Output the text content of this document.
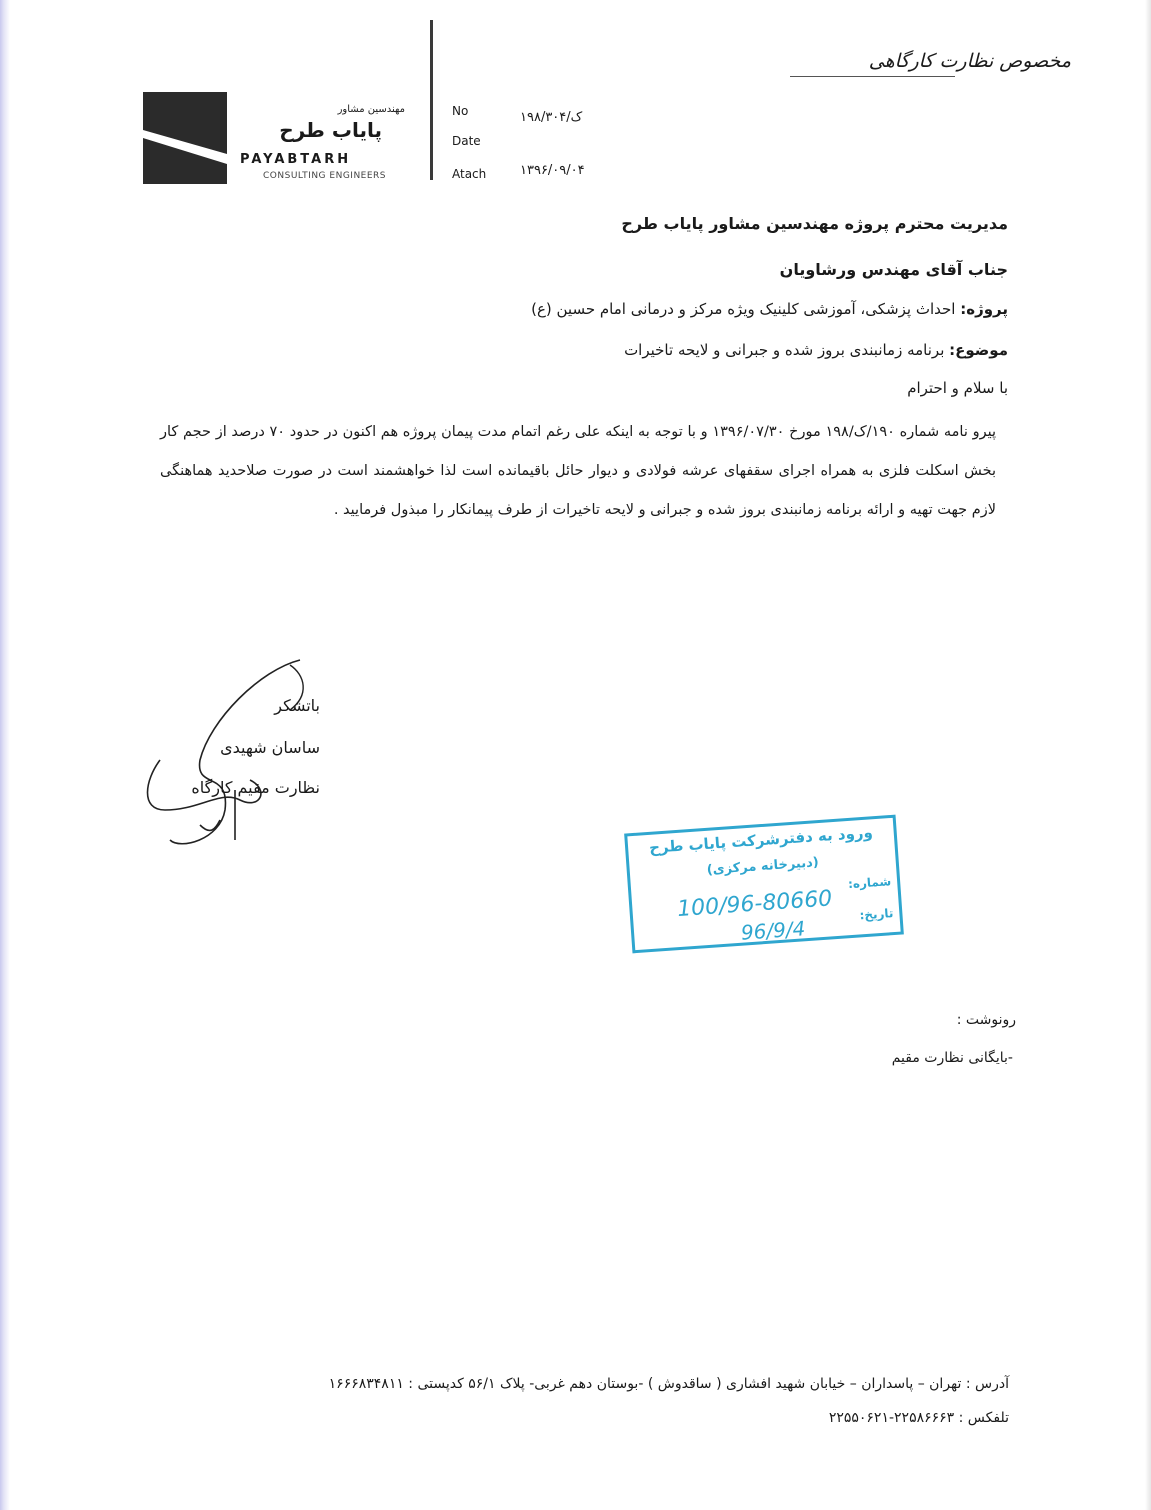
مخصوص نظارت کارگاهی
مهندسین مشاور
پایاب طرح
PAYABTARH
CONSULTING ENGINEERS
No	۱۹۸/ک/۳۰۴
Date
Atach	۱۳۹۶/۰۹/۰۴
مدیریت محترم پروژه مهندسین مشاور پایاب طرح
جناب آقای مهندس ورشاویان
پروژه: احداث پزشکی، آموزشی کلینیک ویژه مرکز و درمانی امام حسین (ع)
موضوع: برنامه زمانبندی بروز شده و جبرانی و لایحه تاخیرات
با سلام و احترام
پیرو نامه شماره ۱۹۰/ک/۱۹۸ مورخ ۱۳۹۶/۰۷/۳۰ و با توجه به اینکه علی رغم اتمام مدت پیمان پروژه هم اکنون در حدود ۷۰ درصد از حجم کار بخش اسکلت فلزی به همراه اجرای سقفهای عرشه فولادی و دیوار حائل باقیمانده است لذا خواهشمند است در صورت صلاحدید هماهنگی لازم جهت تهیه و ارائه برنامه زمانبندی بروز شده و جبرانی و لایحه تاخیرات از طرف پیمانکار را مبذول فرمایید .
باتشکر
ساسان شهیدی
نظارت مقیم کارگاه
ورود به دفترشرکت پایاب طرح
(دبیرخانه مرکزی)
شماره:
100/96-80660 تاریخ:
96/9/4
رونوشت :
-بایگانی نظارت مقیم
آدرس : تهران – پاسداران – خیابان شهید افشاری ( ساقدوش ) -بوستان دهم غربی- پلاک ۵۶/۱ کدپستی : ۱۶۶۶۸۳۴۸۱۱
تلفکس : ۲۲۵۸۶۶۶۳-۲۲۵۵۰۶۲۱
